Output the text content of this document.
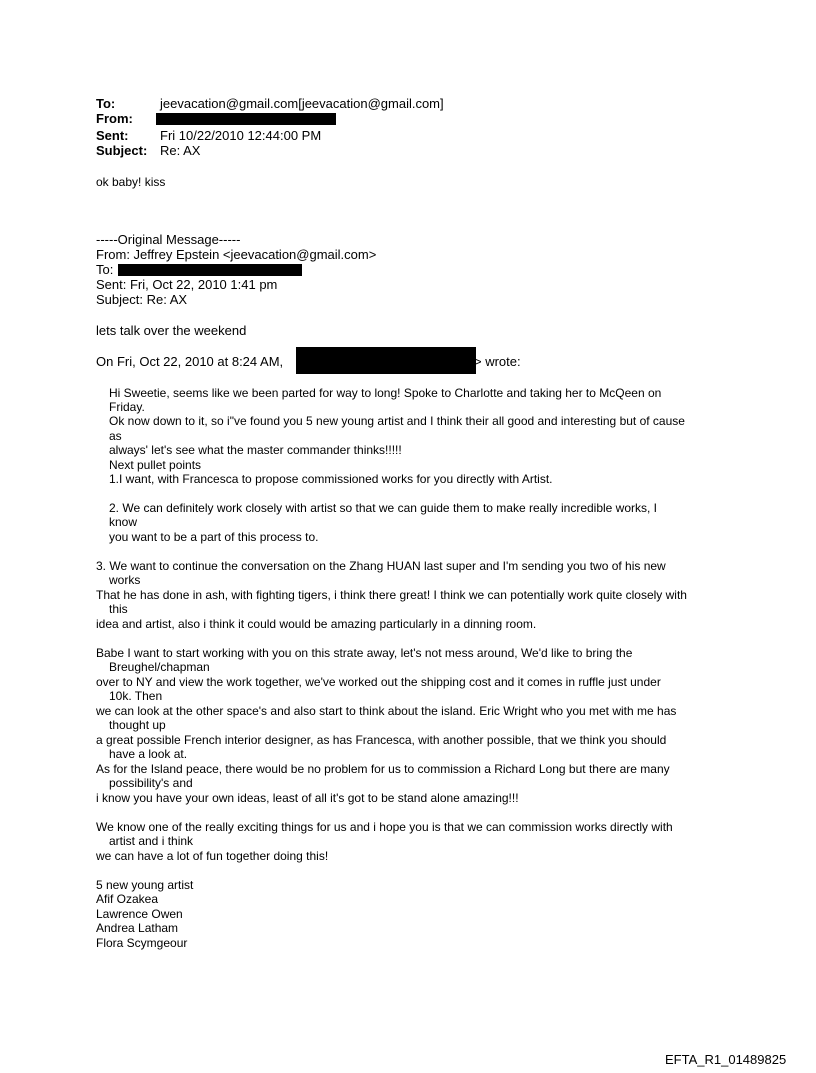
To:	jeevacation@gmail.com[jeevacation@gmail.com]
From:
Sent: Fri 10/22/2010 12:44:00 PM
Subject: Re: AX
ok baby! kiss
-----Original Message-----
From: Jeffrey Epstein <jeevacation@gmail.com>
To:
Sent: Fri, Oct 22, 2010 1:41 pm
Subject: Re: AX
lets talk over the weekend
On Fri, Oct 22, 2010 at 8:24 AM,	> wrote:
Hi Sweetie, seems like we been parted for way to long! Spoke to Charlotte and taking her to McQeen on
Friday.
Ok now down to it, so i"ve found you 5 new young artist and I think their all good and interesting but of cause
as
always' let's see what the master commander thinks!!!!!
Next pullet points
1.I want, with Francesca to propose commissioned works for you directly with Artist.
2. We can definitely work closely with artist so that we can guide them to make really incredible works, I
know
you want to be a part of this process to.
3. We want to continue the conversation on the Zhang HUAN last super and I'm sending you two of his new
works
That he has done in ash, with fighting tigers, i think there great! I think we can potentially work quite closely with
this
idea and artist, also i think it could would be amazing particularly in a dinning room.
Babe I want to start working with you on this strate away, let's not mess around, We'd like to bring the
Breughel/chapman
over to NY and view the work together, we've worked out the shipping cost and it comes in ruffle just under
10k. Then
we can look at the other space's and also start to think about the island. Eric Wright who you met with me has
thought up
a great possible French interior designer, as has Francesca, with another possible, that we think you should
have a look at.
As for the Island peace, there would be no problem for us to commission a Richard Long but there are many
possibility's and
i know you have your own ideas, least of all it's got to be stand alone amazing!!!
We know one of the really exciting things for us and i hope you is that we can commission works directly with
artist and i think
we can have a lot of fun together doing this!
5 new young artist
Afif Ozakea
Lawrence Owen
Andrea Latham
Flora Scymgeour
EFTA_R1_01489825
